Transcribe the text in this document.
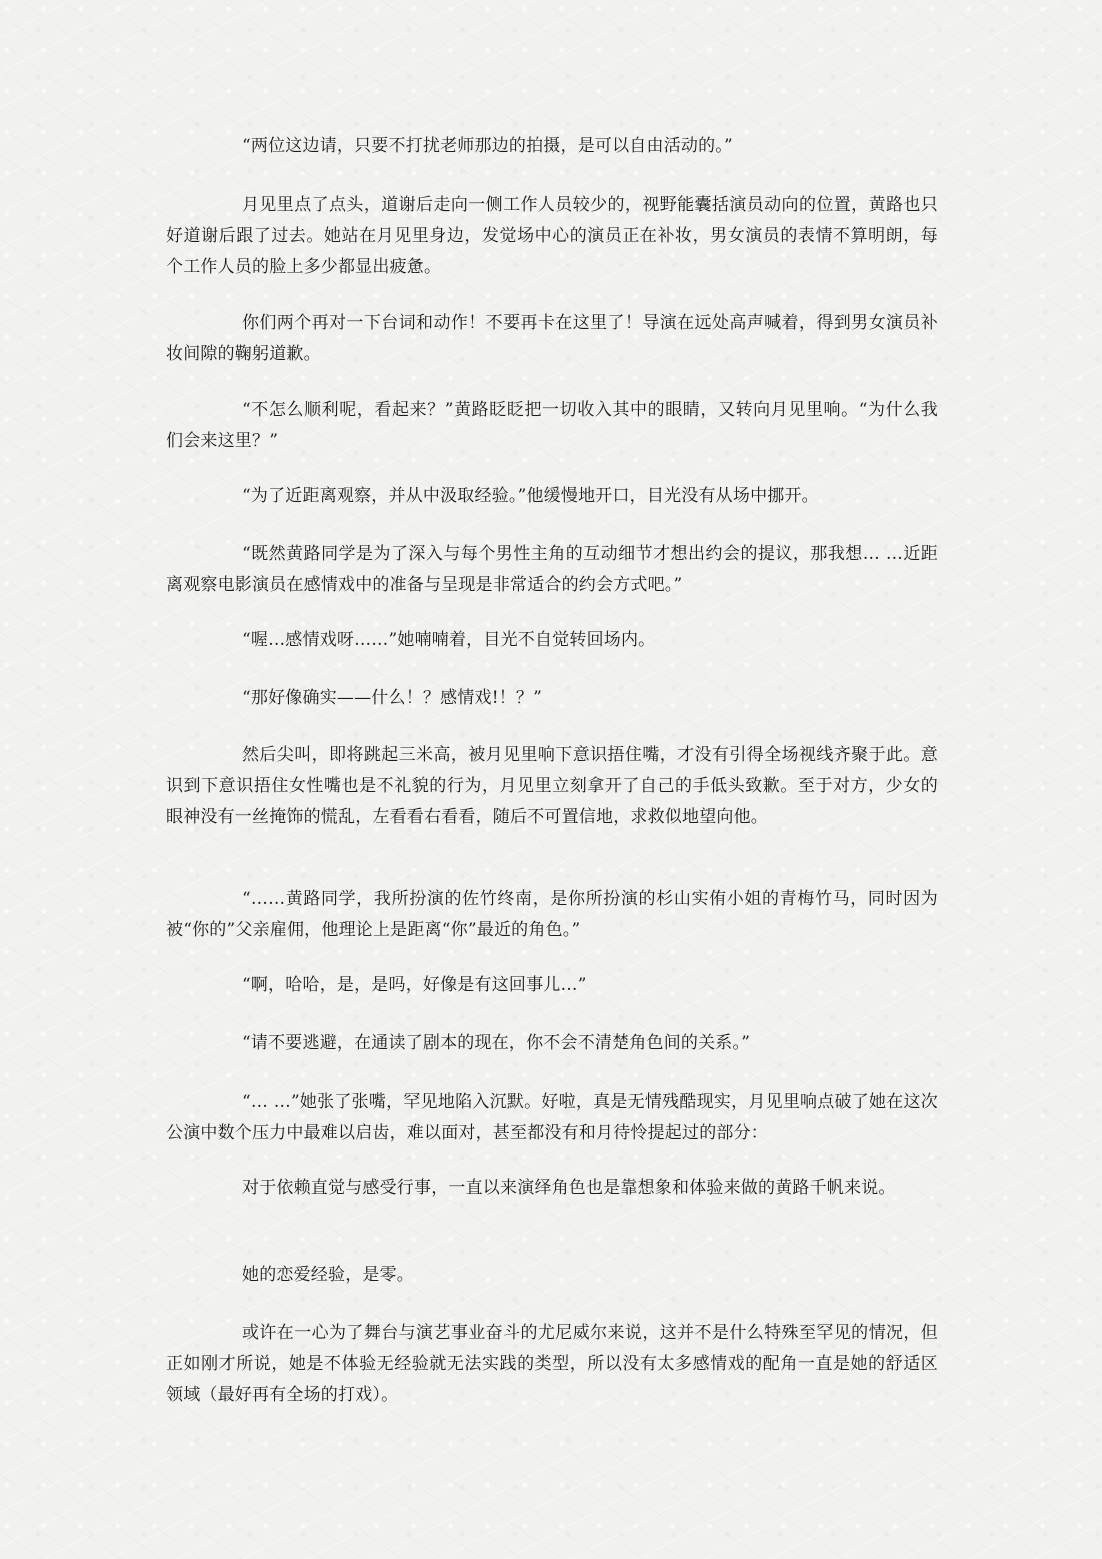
“两位这边请，只要不打扰老师那边的拍摄，是可以自由活动的。”

月见里点了点头，道谢后走向一侧工作人员较少的，视野能囊括演员动向的位置，黄路也只好道谢后跟了过去。她站在月见里身边，发觉场中心的演员正在补妆，男女演员的表情不算明朗，每个工作人员的脸上多少都显出疲惫。

你们两个再对一下台词和动作！不要再卡在这里了！导演在远处高声喊着，得到男女演员补妆间隙的鞠躬道歉。

“不怎么顺利呢，看起来？”黄路眨眨把一切收入其中的眼睛，又转向月见里响。“为什么我们会来这里？”

“为了近距离观察，并从中汲取经验。”他缓慢地开口，目光没有从场中挪开。

“既然黄路同学是为了深入与每个男性主角的互动细节才想出约会的提议，那我想… …近距离观察电影演员在感情戏中的准备与呈现是非常适合的约会方式吧。”

“喔…感情戏呀……”她喃喃着，目光不自觉转回场内。

“那好像确实——什么！？感情戏!！？”

然后尖叫，即将跳起三米高，被月见里响下意识捂住嘴，才没有引得全场视线齐聚于此。意识到下意识捂住女性嘴也是不礼貌的行为，月见里立刻拿开了自己的手低头致歉。至于对方，少女的眼神没有一丝掩饰的慌乱，左看看右看看，随后不可置信地，求救似地望向他。

“……黄路同学，我所扮演的佐竹终南，是你所扮演的杉山实侑小姐的青梅竹马，同时因为被“你的”父亲雇佣，他理论上是距离“你”最近的角色。”

“啊，哈哈，是，是吗，好像是有这回事儿…”

“请不要逃避，在通读了剧本的现在，你不会不清楚角色间的关系。”

“… …”她张了张嘴，罕见地陷入沉默。好啦，真是无情残酷现实，月见里响点破了她在这次公演中数个压力中最难以启齿，难以面对，甚至都没有和月待怜提起过的部分：

对于依赖直觉与感受行事，一直以来演绎角色也是靠想象和体验来做的黄路千帆来说。

她的恋爱经验，是零。

或许在一心为了舞台与演艺事业奋斗的尤尼威尔来说，这并不是什么特殊至罕见的情况，但正如刚才所说，她是不体验无经验就无法实践的类型，所以没有太多感情戏的配角一直是她的舒适区领域（最好再有全场的打戏）。
